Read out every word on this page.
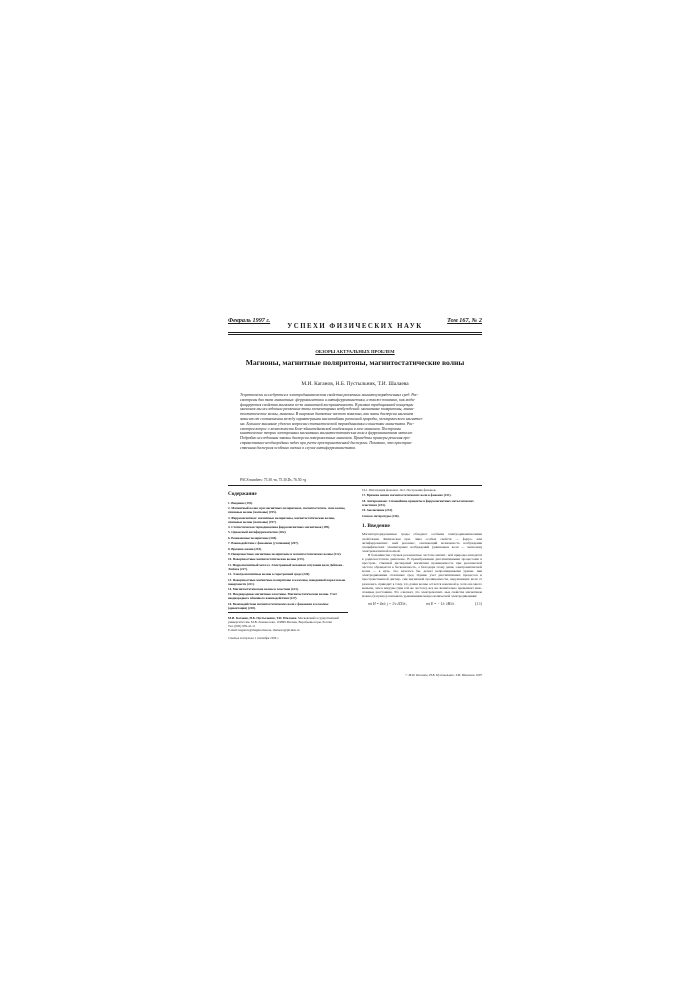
Февраль 1997 г.	Том 167, № 2
УСПЕХИ ФИЗИЧЕСКИХ НАУК
ОБЗОРЫ АКТУАЛЬНЫХ ПРОБЛЕМ
Магноны, магнитные поляритоны, магнитостатические волны
М.И. Каганов, Н.Б. Пустыльник, Т.И. Шалаева
Теоретически исследуются в электродинамическом свойства различных магнитоупорядоченных сред. Рас-
смотрены два типа магнитных: ферромагнетики и антиферромагнетики, а также показано, как моди-
фицируются свойства магнонов из-за магнитной восприимчивости. В рамках традиционной концепции
магнонов мы исследовали различные типы элементарных возбуждений: магнитные поляритоны, магни-
тостатические волны, магноны. В широком диапазоне частот показано, как закон дисперсии магнонов
зависит от соотношения между характерными масштабами различной природы, электрического магнетиз-
ма. Большое внимание уделено вопросам статистической термодинамики и кинетики магнетиков. Рас-
смотрен вопрос о возможности Бозе-эйнштейновской конденсации в газе магнонов. Построены
кинетические теории электронных магнитных магнитостатических волн в ферромагнитном металле.
Подробно исследованы законы дисперсии поверхностных магнонов. Приведены примеры решения про-
странственно-неоднородных задач при учете пространственной дисперсии. Показано, что простран-
ственная дисперсия особенно важна в случае антиферромагнетиков.
PACS numbers: 75.30.-m, 75.30.Ds, 76.50.+g
Содержание
1. Введение (191).
2. Магнитный полюс при магнитных поляритонах, магнитостатиче- ские волны, спиновые волны (магноны) (195).
3. Ферромагнетики: магнитные поляритоны, магнитостатические волны, спиновые волны (магноны) (197).
4. Статистическая термодинамика ферромагнитных магнетиков (199).
5. Одноосный антиферромагнетик (202).
6. Резонансные поляритоны (204).
7. Взаимодействие с фононами (уточнения) (207).
8. Времена жизни (210).
9. Поверхностные магнитные поляритоны и магнитостатические волны (212).
10. Поверхностные магнитостатические волны (215).
11. Ферромагнитный металл. Электронный механизм затухания волн Дэймона - Эшбаха (217).
12. Электромагнитные волны в гиротропной среде (220).
13. Поверхностные магнитные поляритоны в классике, наведенной параллельно поверхности (221).
14. Магнитостатические волны в пластине (223).
15. Неоднородные магнитные пластины. Магнитостатические волны. Учет неоднородного обменного взаимодействия (227).
16. Взаимодействие магнитостатических волн с фононами в классике (ориентация) (228).
М.И. Каганов, Н.Б. Пустыльник, Т.И. Шалаева. Московский государственный университет им. М.В. Ломоносова, 119899 Москва, Воробьевы горы, Россия
Тел. (095) 939-41-11
E-mail: kaganov@magnet.msu.su, shalaeva@ph.msu.ru
Статья поступила 1 сентября 1996 г.
16.1. Интеграция фононов. 16.2. Построение фононов.
17. Времена жизни магнитостатических волн в фононах (231).
18. Антирезонанс. Сильнейшие проценты в ферромагнитных металлических пластинах (233).
19. Заключение (234).
Список литературы (236).
1. Введение

Магнитоупорядоченные среды обладают особыми электродинамическими свойствами. Физическая при- чина особых свойств — ферро- или антиферромагнит- ный резонанс, означающий возможность возбуждения специфических элементарных возбуждений (длинновых волн — магнонов) электромагнитной волной.

В большинстве случаев резонансные частоты магнит- ной природы находятся в радиочастотном диапазоне. В пренебрежении диссипативными процессами в простран- ственной дисперсией магнитная проницаемость при резонансной частоте обращается в бесконечность, а благодаря этому давно электромагнитной волна — в нуль, что, казалось бы, делает непроницаемыми уравне- ния электродинамики сплошных сред. Однако учет диссипативных процессов и пространственной диспер- сии магнитной проницаемости, нарушающих волн от резонанса, приводит к тому, что длина волны остается конечной и, хотя она много меньше, чем в вакууме (при той же частоте), все же значительно превышает меж- атомные расстояния. Это означает, что электромагнит- ные свойства магнетиков можно (и нужно) описывать уравнениями макроскопической электродинамики:

rot H = 4π/c j + 1/c ∂D/∂t ,	rot E = − 1/c ∂B/∂t .	(1.1)
© М.И. Каганов, Н.Б. Пустыльник, Т.И. Шалаева 1997
